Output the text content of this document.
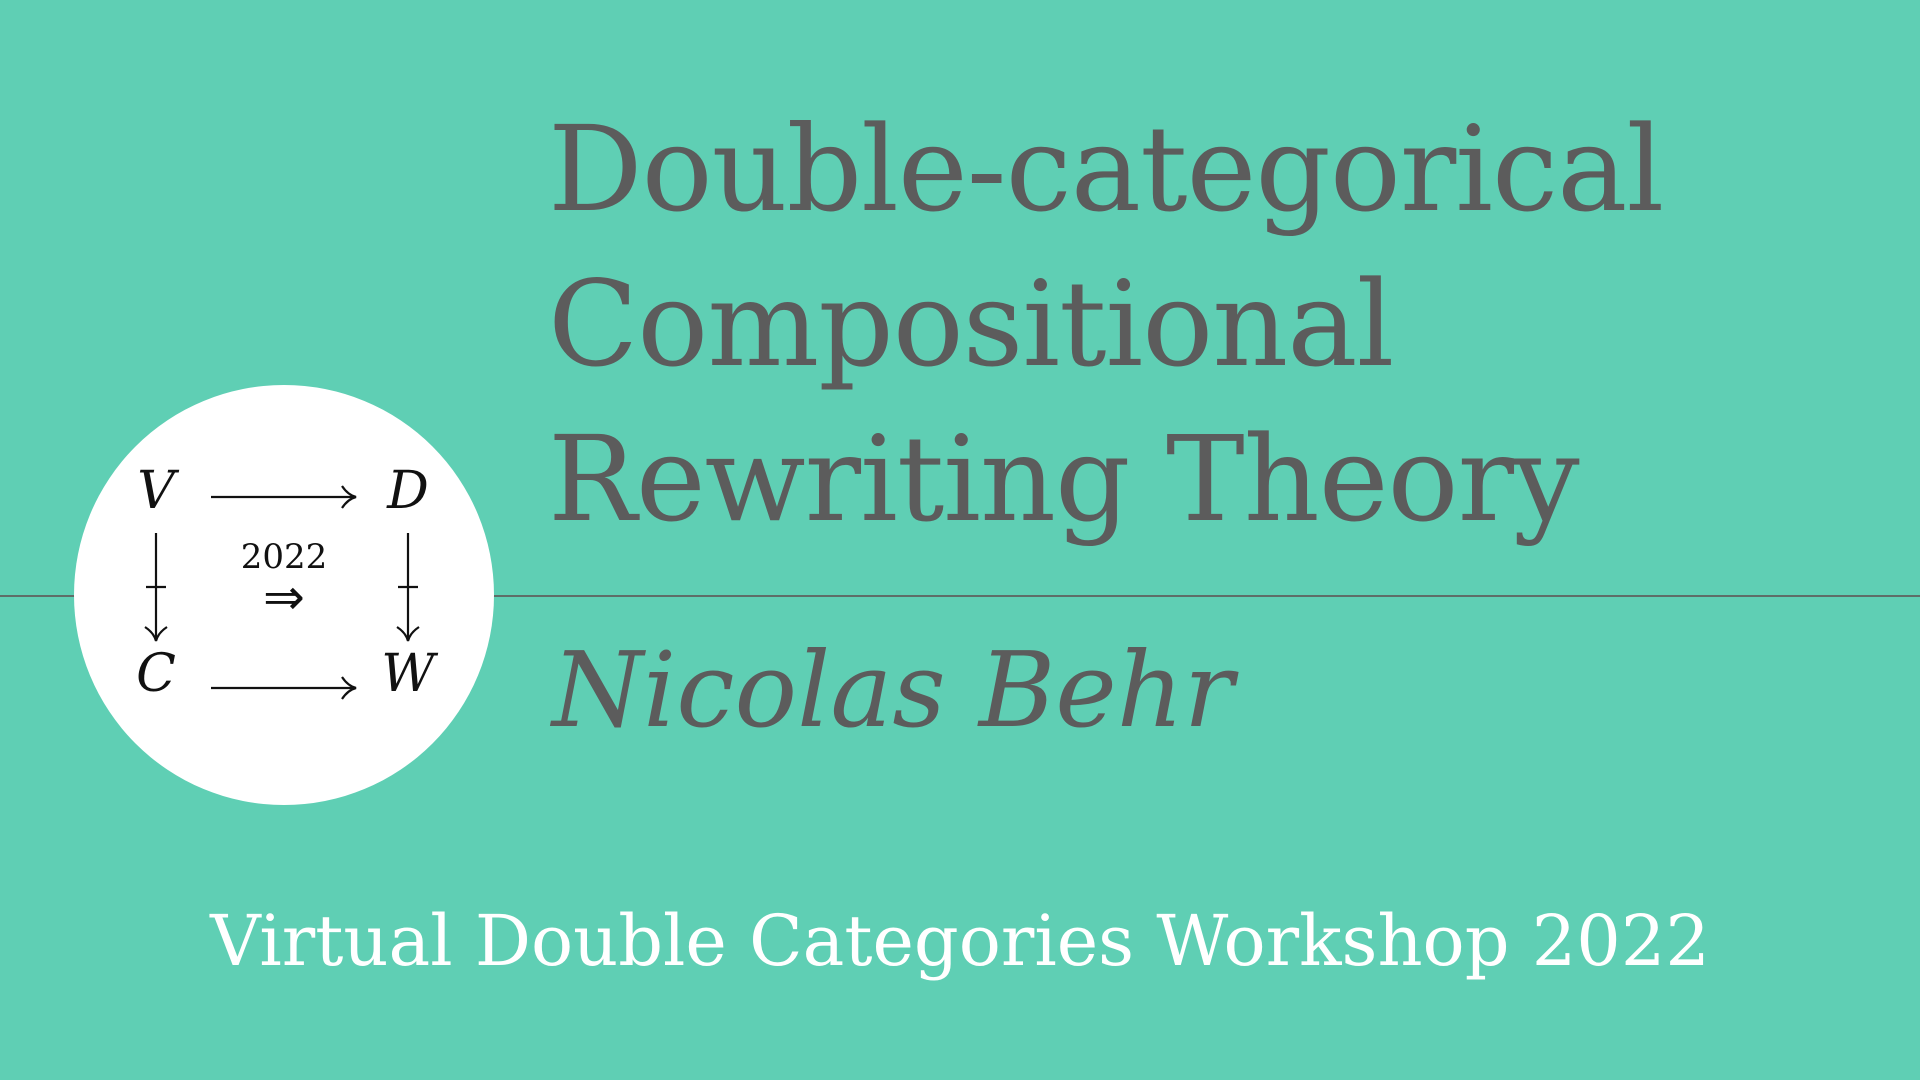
V	D
C	W
2022
⇒
Double-categorical
Compositional
Rewriting Theory
Nicolas Behr
Virtual Double Categories Workshop 2022
